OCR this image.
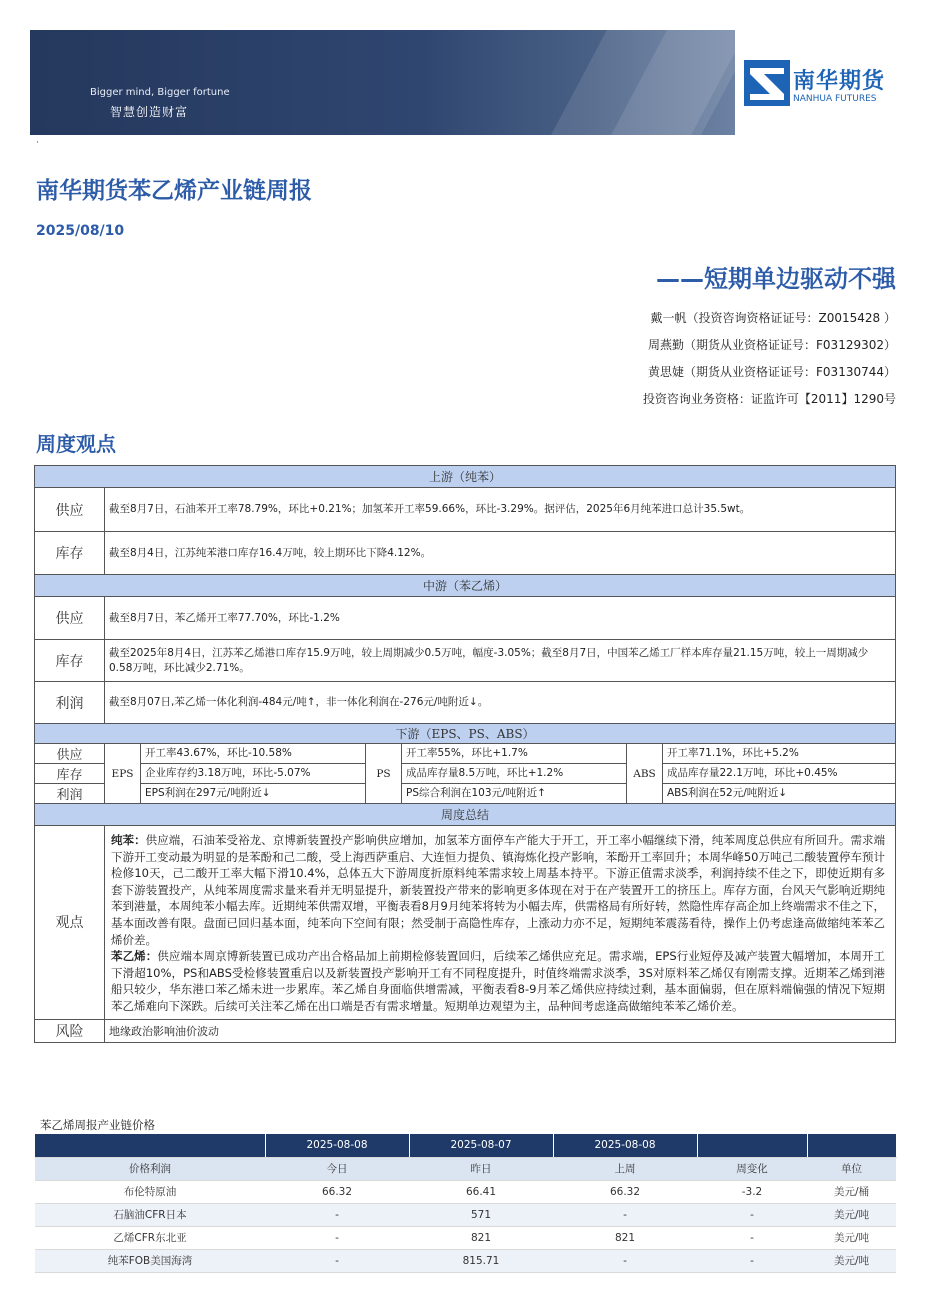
Bigger mind, Bigger fortune
智慧创造财富
南华期货
NANHUA FUTURES
·
南华期货苯乙烯产业链周报
2025/08/10
——短期单边驱动不强
戴一帆（投资咨询资格证证号：Z0015428 ）
周燕勤（期货从业资格证证号：F03129302）
黄思婕（期货从业资格证证号：F03130744）
投资咨询业务资格：证监许可【2011】1290号
周度观点
上游（纯苯）						
供应	截至8月7日，石油苯开工率78.79%，环比+0.21%；加氢苯开工率59.66%，环比-3.29%。据评估，2025年6月纯苯进口总计35.5wt。					
库存	截至8月4日，江苏纯苯港口库存16.4万吨，较上期环比下降4.12%。					
中游（苯乙烯）						
供应	截至8月7日，苯乙烯开工率77.70%，环比-1.2%					
库存	截至2025年8月4日，江苏苯乙烯港口库存15.9万吨，较上周期减少0.5万吨，幅度-3.05%；截至8月7日，中国苯乙烯工厂样本库存量21.15万吨，较上一周期减少0.58万吨，环比减少2.71%。					
利润	截至8月07日,苯乙烯一体化利润-484元/吨↑，非一体化利润在-276元/吨附近↓。					
下游（EPS、PS、ABS）						
供应	EPS	开工率43.67%，环比-10.58%	PS	开工率55%，环比+1.7%	ABS	开工率71.1%，环比+5.2%
库存		企业库存约3.18万吨，环比-5.07%		成品库存量8.5万吨，环比+1.2%		成品库存量22.1万吨，环比+0.45%
利润		EPS利润在297元/吨附近↓		PS综合利润在103元/吨附近↑		ABS利润在52元/吨附近↓
周度总结						
观点	纯苯：供应端，石油苯受裕龙、京博新装置投产影响供应增加，加氢苯方面停车产能大于开工，开工率小幅继续下滑，纯苯周度总供应有所回升。需求端下游开工变动最为明显的是苯酚和己二酸，受上海西萨重启、大连恒力提负、镇海炼化投产影响，苯酚开工率回升；本周华峰50万吨己二酸装置停车预计检修10天，己二酸开工率大幅下滑10.4%，总体五大下游周度折原料纯苯需求较上周基本持平。下游正值需求淡季，利润持续不佳之下，即使近期有多套下游装置投产，从纯苯周度需求量来看并无明显提升，新装置投产带来的影响更多体现在对于在产装置开工的挤压上。库存方面，台风天气影响近期纯苯到港量，本周纯苯小幅去库。近期纯苯供需双增，平衡表看8月9月纯苯将转为小幅去库，供需格局有所好转，然隐性库存高企加上终端需求不佳之下，基本面改善有限。盘面已回归基本面，纯苯向下空间有限；然受制于高隐性库存，上涨动力亦不足，短期纯苯震荡看待，操作上仍考虑逢高做缩纯苯苯乙烯价差。
苯乙烯：供应端本周京博新装置已成功产出合格品加上前期检修装置回归，后续苯乙烯供应充足。需求端，EPS行业短停及减产装置大幅增加，本周开工下滑超10%，PS和ABS受检修装置重启以及新装置投产影响开工有不同程度提升，时值终端需求淡季，3S对原料苯乙烯仅有刚需支撑。近期苯乙烯到港船只较少，华东港口苯乙烯未进一步累库。苯乙烯自身面临供增需减，平衡表看8-9月苯乙烯供应持续过剩，基本面偏弱，但在原料端偏强的情况下短期苯乙烯难向下深跌。后续可关注苯乙烯在出口端是否有需求增量。短期单边观望为主，品种间考虑逢高做缩纯苯苯乙烯价差。					
风险	地缘政治影响油价波动					
苯乙烯周报产业链价格
	2025-08-08	2025-08-07	2025-08-08		
价格利润	今日	昨日	上周	周变化	单位
布伦特原油	66.32	66.41	66.32	-3.2	美元/桶
石脑油CFR日本	-	571	-	-	美元/吨
乙烯CFR东北亚	-	821	821	-	美元/吨
纯苯FOB美国海湾	-	815.71	-	-	美元/吨
